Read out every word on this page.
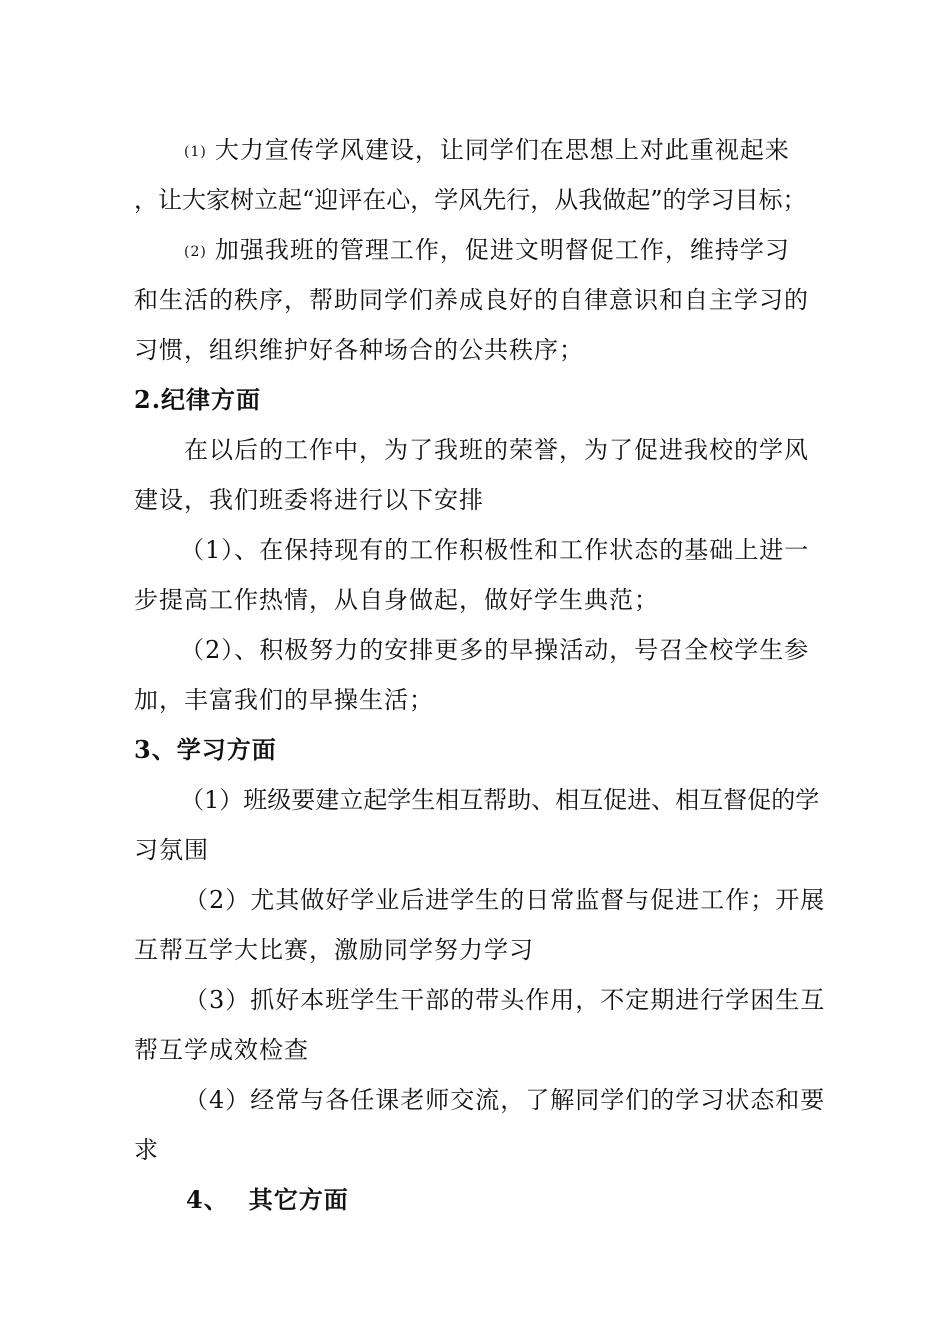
(1) 大力宣传学风建设，让同学们在思想上对此重视起来
，让大家树立起“迎评在心，学风先行，从我做起”的学习目标；
(2) 加强我班的管理工作，促进文明督促工作，维持学习
和生活的秩序，帮助同学们养成良好的自律意识和自主学习的
习惯，组织维护好各种场合的公共秩序；
2.纪律方面
在以后的工作中，为了我班的荣誉，为了促进我校的学风
建设，我们班委将进行以下安排
（1）、在保持现有的工作积极性和工作状态的基础上进一
步提高工作热情，从自身做起，做好学生典范；
（2）、积极努力的安排更多的早操活动，号召全校学生参
加，丰富我们的早操生活；
3、学习方面
（1）班级要建立起学生相互帮助、相互促进、相互督促的学
习氛围
（2）尤其做好学业后进学生的日常监督与促进工作；开展
互帮互学大比赛，激励同学努力学习
（3）抓好本班学生干部的带头作用，不定期进行学困生互
帮互学成效检查
（4）经常与各任课老师交流，了解同学们的学习状态和要
求
4、 其它方面
